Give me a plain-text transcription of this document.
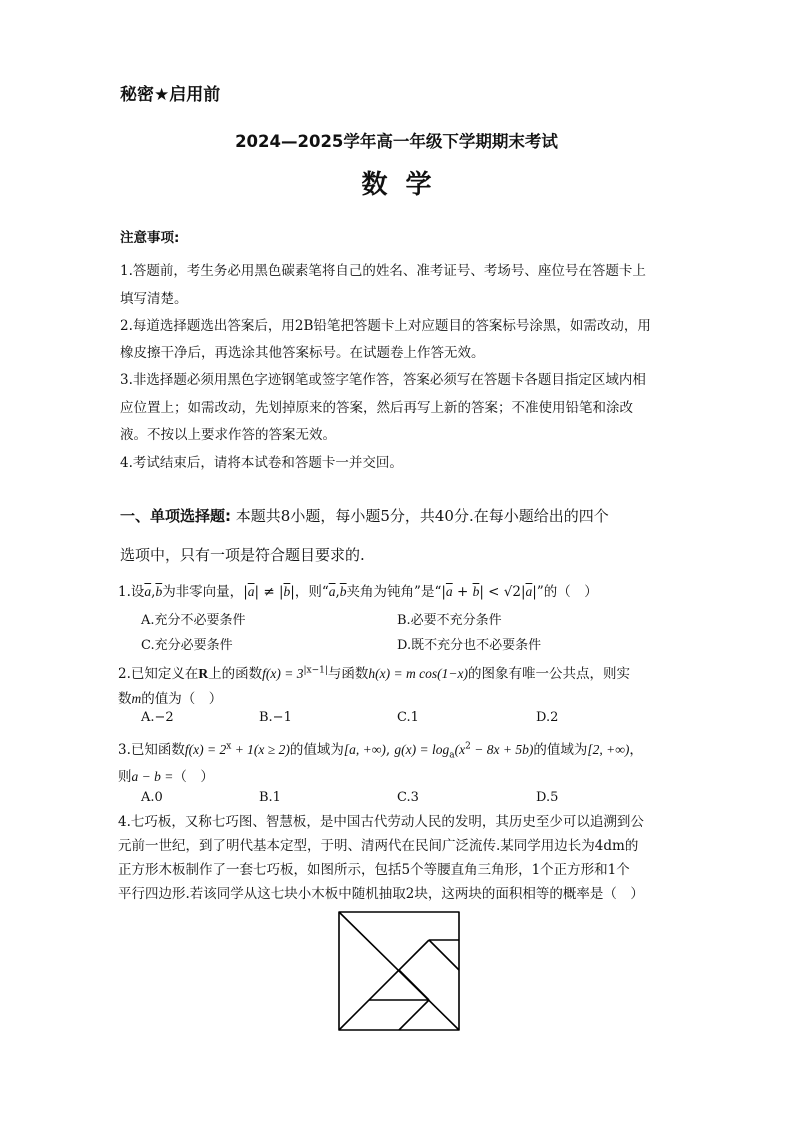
秘密★启用前
2024—2025学年高一年级下学期期末考试
数学
注意事项:
1.答题前，考生务必用黑色碳素笔将自己的姓名、准考证号、考场号、座位号在答题卡上
填写清楚。
2.每道选择题选出答案后，用2B铅笔把答题卡上对应题目的答案标号涂黑，如需改动，用
橡皮擦干净后，再选涂其他答案标号。在试题卷上作答无效。
3.非选择题必须用黑色字迹钢笔或签字笔作答，答案必须写在答题卡各题目指定区域内相
应位置上；如需改动，先划掉原来的答案，然后再写上新的答案；不准使用铅笔和涂改
液。不按以上要求作答的答案无效。
4.考试结束后，请将本试卷和答题卡一并交回。
一、单项选择题: 本题共8小题，每小题5分，共40分.在每小题给出的四个
选项中，只有一项是符合题目要求的.
1.设$\overline{a},\overline{b}$为非零向量，$|\overline{a}| \ne |\overline{b}|$，则“$\overline{a},\overline{b}$夹角为钝角”是“$|\overline{a} + \overline{b}| < √2|\overline{a}|$”的（　）
A.充分不必要条件	B.必要不充分条件
C.充分必要条件	D.既不充分也不必要条件
2.已知定义在R上的函数$f(x) = 3^{|x-1|}$与函数h(x) = m cos(1−x)的图象有唯一公共点，则实
数m的值为（　）
A.−2	B.−1	C.1	D.2
3.已知函数$f(x) = 2^x + 1(x \ge 2)$的值域为[a, +∞), $g(x) = \log_a(x^2 - 8x + 5b)$的值域为[2, +∞)，
则a − b =（　）
A.0	B.1	C.3	D.5
4.七巧板，又称七巧图、智慧板，是中国古代劳动人民的发明，其历史至少可以追溯到公
元前一世纪，到了明代基本定型，于明、清两代在民间广泛流传.某同学用边长为4dm的
正方形木板制作了一套七巧板，如图所示，包括5个等腰直角三角形，1个正方形和1个
平行四边形.若该同学从这七块小木板中随机抽取2块，这两块的面积相等的概率是（　）
